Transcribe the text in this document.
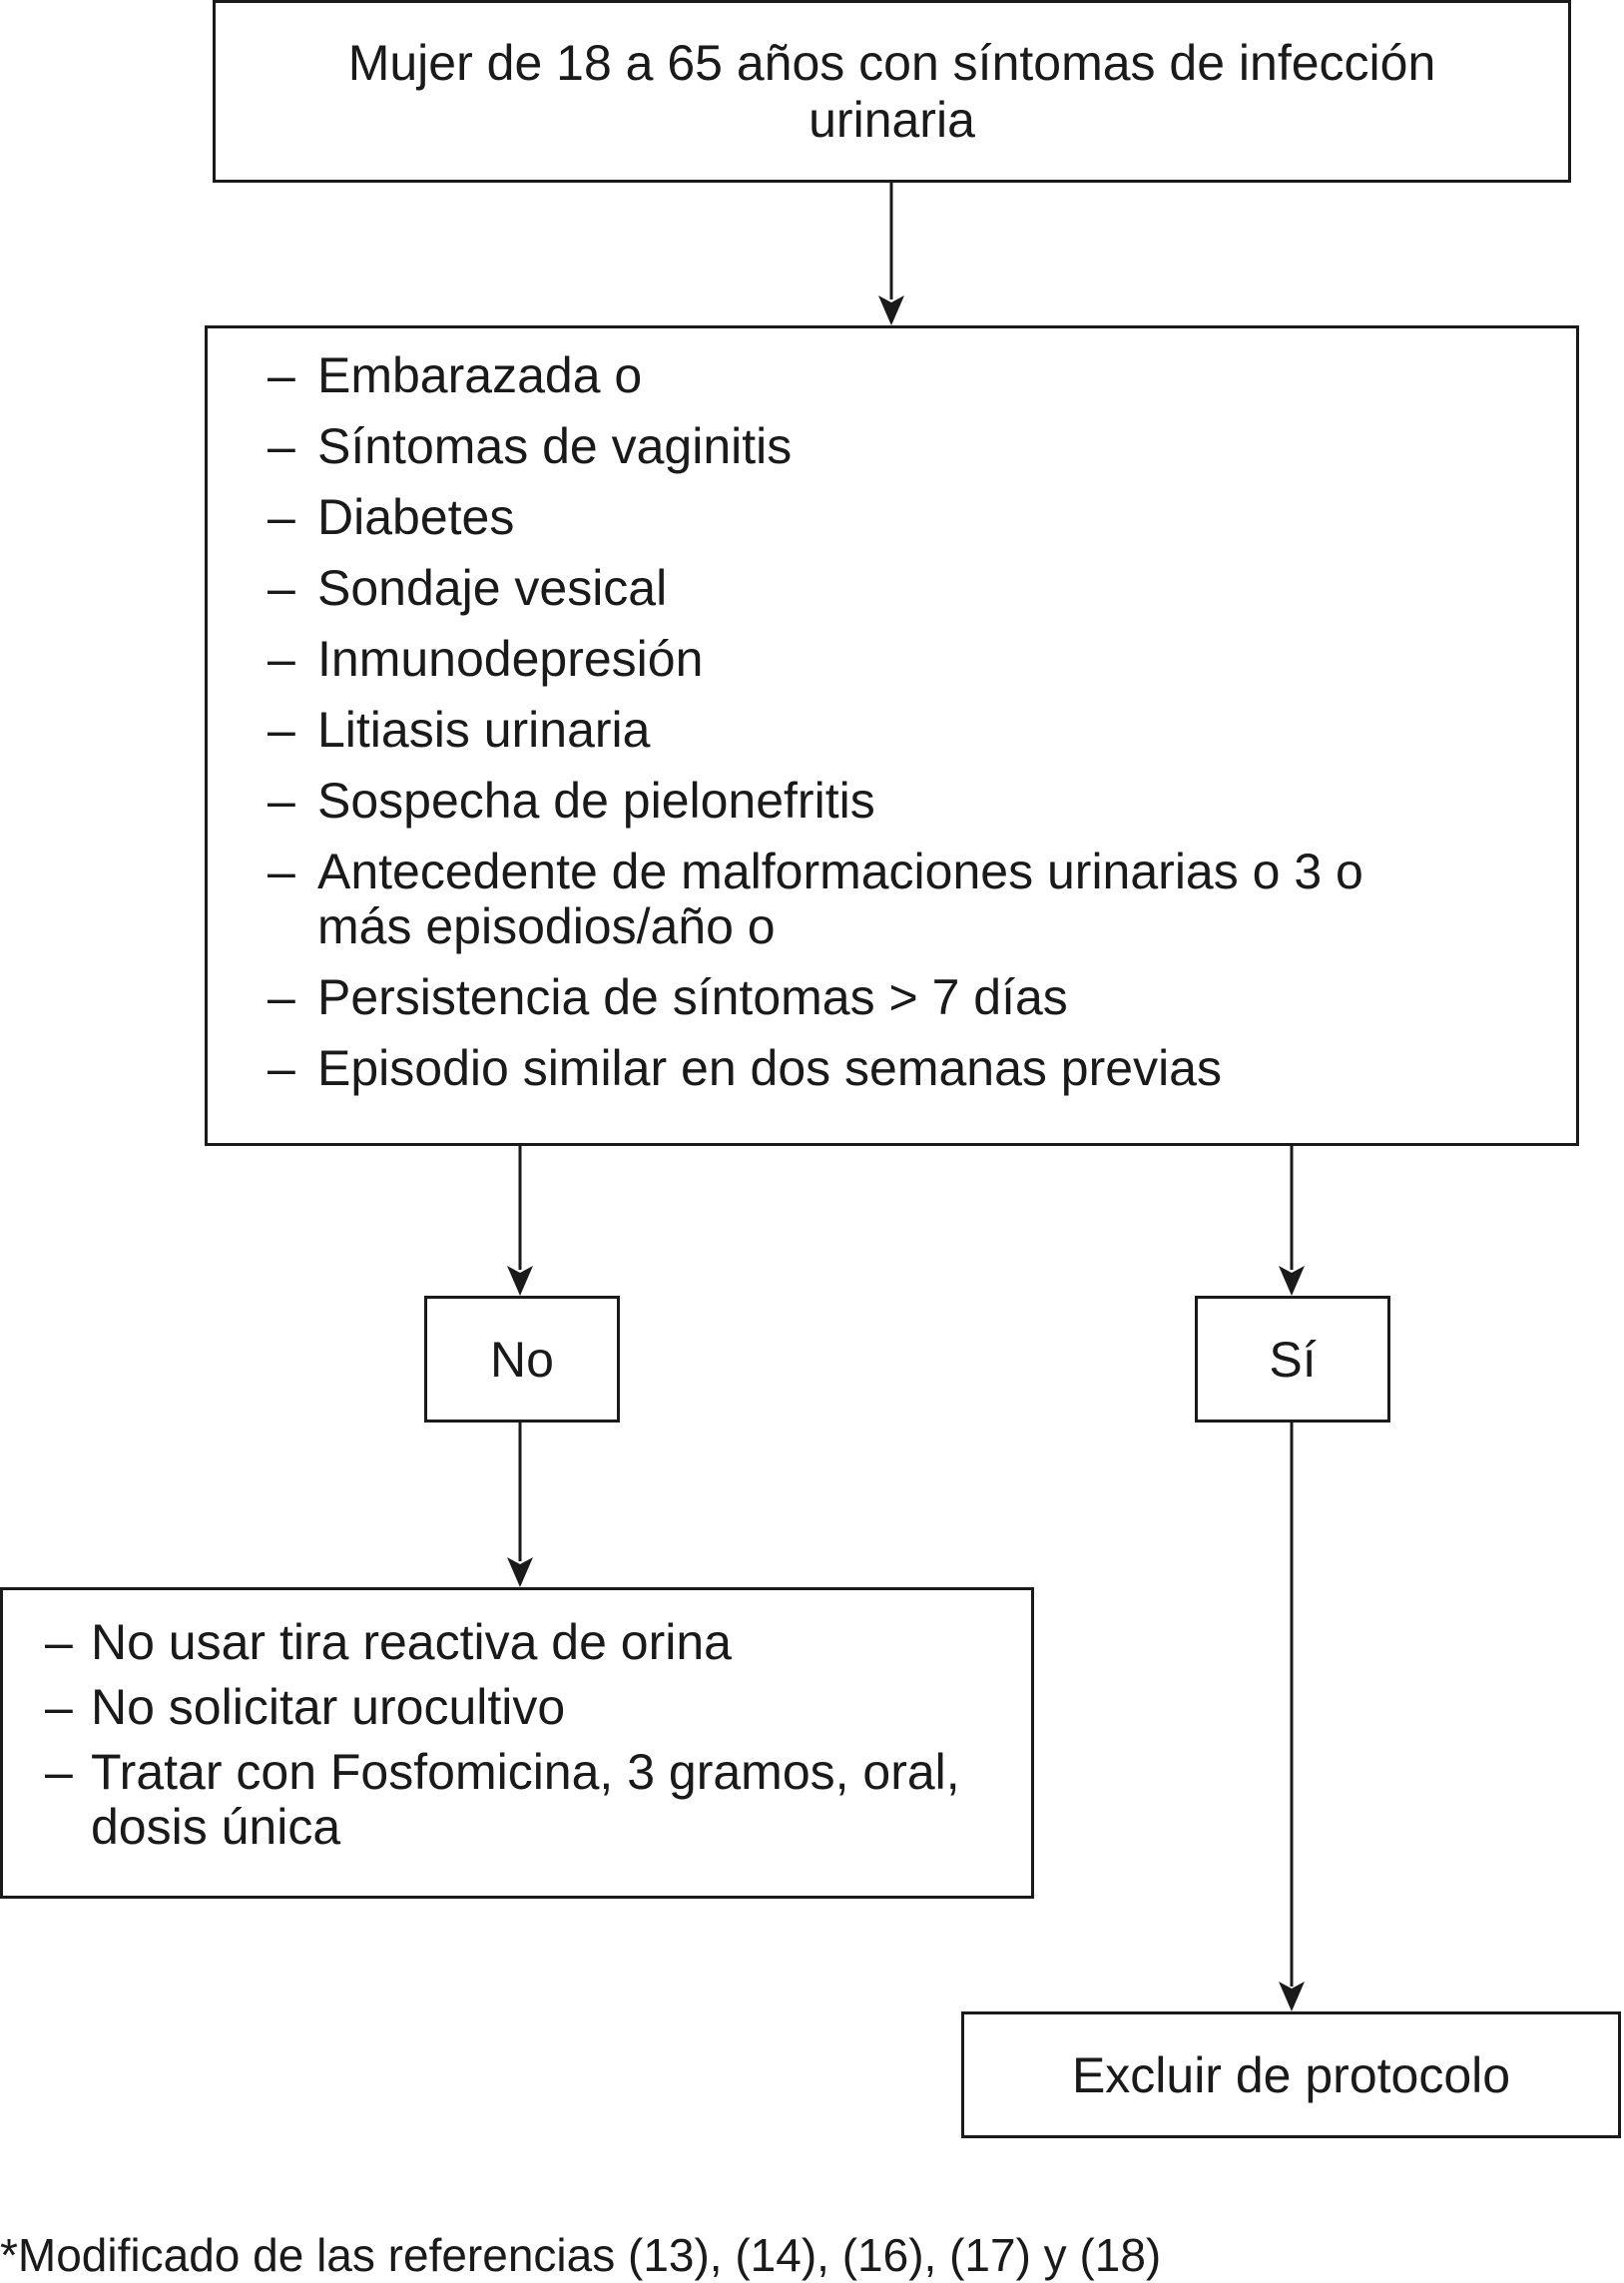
Mujer de 18 a 65 años con síntomas de infección urinaria
– Embarazada o
– Síntomas de vaginitis
– Diabetes
– Sondaje vesical
– Inmunodepresión
– Litiasis urinaria
– Sospecha de pielonefritis
– Antecedente de malformaciones urinarias o 3 o más episodios/año o
– Persistencia de síntomas > 7 días
– Episodio similar en dos semanas previas
No	Sí
– No usar tira reactiva de orina
– No solicitar urocultivo
– Tratar con Fosfomicina, 3 gramos, oral, dosis única
Excluir de protocolo
*Modificado de las referencias (13), (14), (16), (17) y (18)
